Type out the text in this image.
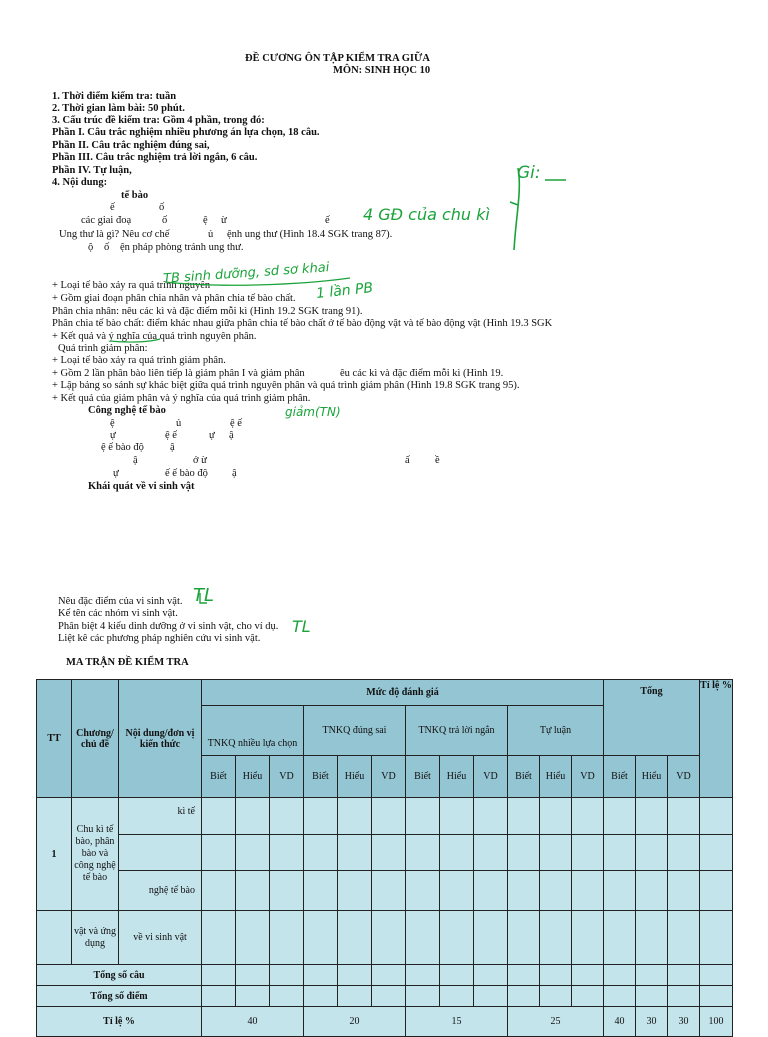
ĐỀ CƯƠNG ÔN TẬP KIỂM TRA GIỮA
MÔN: SINH HỌC 10
1. Thời điểm kiểm tra: tuần
2. Thời gian làm bài: 50 phút.
3. Cấu trúc đề kiểm tra: Gồm 4 phần, trong đó:
Phần I. Câu trắc nghiệm nhiều phương án lựa chọn, 18 câu.
Phần II. Câu trắc nghiệm đúng sai,
Phần III. Câu trắc nghiệm trả lời ngắn, 6 câu.
Phần IV. Tự luận,
4. Nội dung:
tế bào
ế	ố
các giai đoạ	ố	ệ ừ	ế
Ung thư là gì? Nêu cơ chế	ủ ệnh ung thư (Hình 18.4 SGK trang 87).
ộ ố ện pháp phòng tránh ung thư.
+ Loại tế bào xảy ra quá trình nguyên
+ Gồm giai đoạn phân chia nhân và phân chia tế bào chất.
Phân chia nhân: nêu các kì và đặc điểm mỗi kì (Hình 19.2 SGK trang 91).
Phân chia tế bào chất: điểm khác nhau giữa phân chia tế bào chất ở tế bào động vật và tế bào động vật (Hình 19.3 SGK
+ Kết quả và ý nghĩa của quá trình nguyên phân.
Quá trình giảm phân:
+ Loại tế bào xảy ra quá trình giảm phân.
+ Gồm 2 lần phân bào liên tiếp là giảm phân I và giảm phân	êu các kì và đặc điểm mỗi kì (Hình 19.
+ Lập bảng so sánh sự khác biệt giữa quá trình nguyên phân và quá trình giảm phân (Hình 19.8 SGK trang 95).
+ Kết quả của giảm phân và ý nghĩa của quá trình giảm phân.
Công nghệ tế bào
ệ	ủ	ệ ế
ự	ệ ế	ự ậ
ệ ế bào độ ậ
ậ	ở ừ	ấ ề
ự	ế ế bào độ ậ
Khái quát về vi sinh vật
Nêu đặc điểm của vi sinh vật.
Kể tên các nhóm vi sinh vật.
Phân biệt 4 kiểu dinh dưỡng ở vi sinh vật, cho ví dụ.
Liệt kê các phương pháp nghiên cứu vi sinh vật.
Gi:
4 GĐ của chu kì
TB sinh dưỡng, sd sơ khai
1 lần PB
giảm(TN)
TL
TL
MA TRẬN ĐỀ KIỂM TRA
TT	Chương/ chủ đề	Nội dung/đơn vị kiến thức	Mức độ đánh giá												Tổng			Tỉ lệ %
			TNKQ nhiều lựa chọn			TNKQ đúng sai			TNKQ trả lời ngắn			Tự luận						
			Biết	Hiểu	VD	Biết	Hiểu	VD	Biết	Hiểu	VD	Biết	Hiểu	VD	Biết	Hiểu	VD	
1	Chu kì tế bào, phân bào và công nghệ tế bào	kì tế																

		nghệ tế bào																
	vật và ứng dụng	về vi sinh vật																
Tổng số câu																		
Tổng số điểm																		
Tỉ lệ %			40			20			15			25			40	30	30	100
